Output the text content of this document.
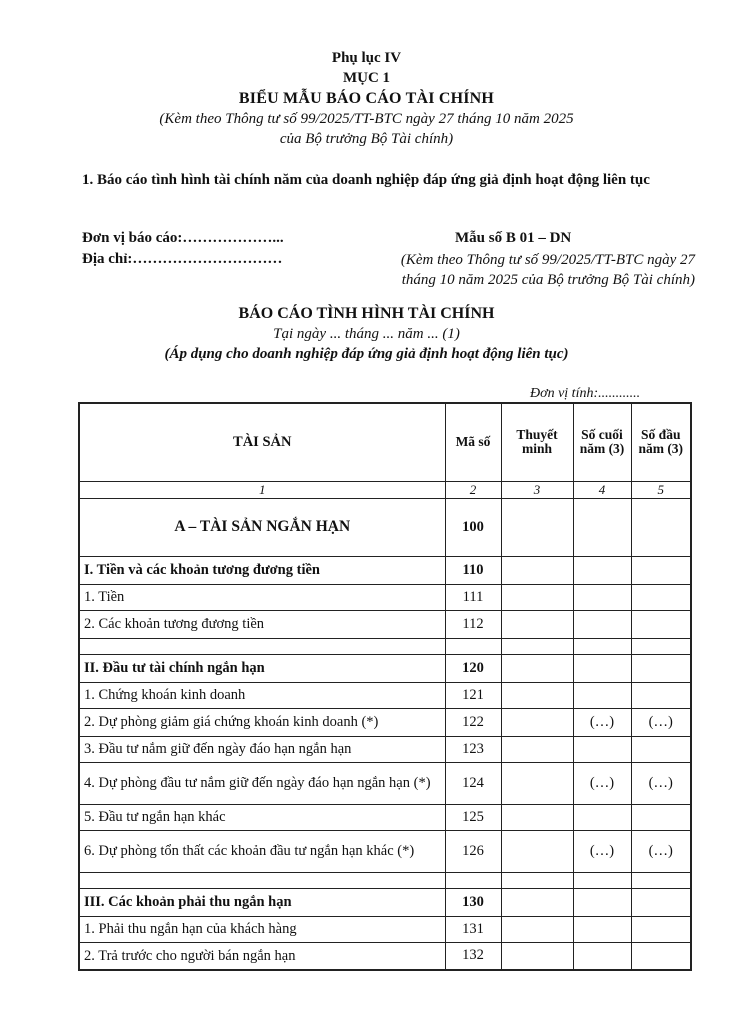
Phụ lục IV
MỤC 1
BIỂU MẪU BÁO CÁO TÀI CHÍNH
(Kèm theo Thông tư số 99/2025/TT-BTC ngày 27 tháng 10 năm 2025
của Bộ trưởng Bộ Tài chính)
1. Báo cáo tình hình tài chính năm của doanh nghiệp đáp ứng giả định hoạt động liên tục
Đơn vị báo cáo:………………...
Địa chỉ:…………………………
Mẫu số B 01 – DN
(Kèm theo Thông tư số 99/2025/TT-BTC ngày 27
tháng 10 năm 2025 của Bộ trưởng Bộ Tài chính)
BÁO CÁO TÌNH HÌNH TÀI CHÍNH
Tại ngày ... tháng ... năm ... (1)
(Áp dụng cho doanh nghiệp đáp ứng giả định hoạt động liên tục)
Đơn vị tính:............
TÀI SẢN	Mã số	Thuyết minh	Số cuối năm (3)	Số đầu năm (3)
1	2	3	4	5
A – TÀI SẢN NGẮN HẠN	100			
I. Tiền và các khoản tương đương tiền	110			
1. Tiền	111			
2. Các khoản tương đương tiền	112			

II. Đầu tư tài chính ngắn hạn	120			
1. Chứng khoán kinh doanh	121			
2. Dự phòng giảm giá chứng khoán kinh doanh (*)	122		(…)	(…)
3. Đầu tư nắm giữ đến ngày đáo hạn ngắn hạn	123			
4. Dự phòng đầu tư nắm giữ đến ngày đáo hạn ngắn hạn (*)	124		(…)	(…)
5. Đầu tư ngắn hạn khác	125			
6. Dự phòng tổn thất các khoản đầu tư ngắn hạn khác (*)	126		(…)	(…)

III. Các khoản phải thu ngắn hạn	130			
1. Phải thu ngắn hạn của khách hàng	131			
2. Trả trước cho người bán ngắn hạn	132			
